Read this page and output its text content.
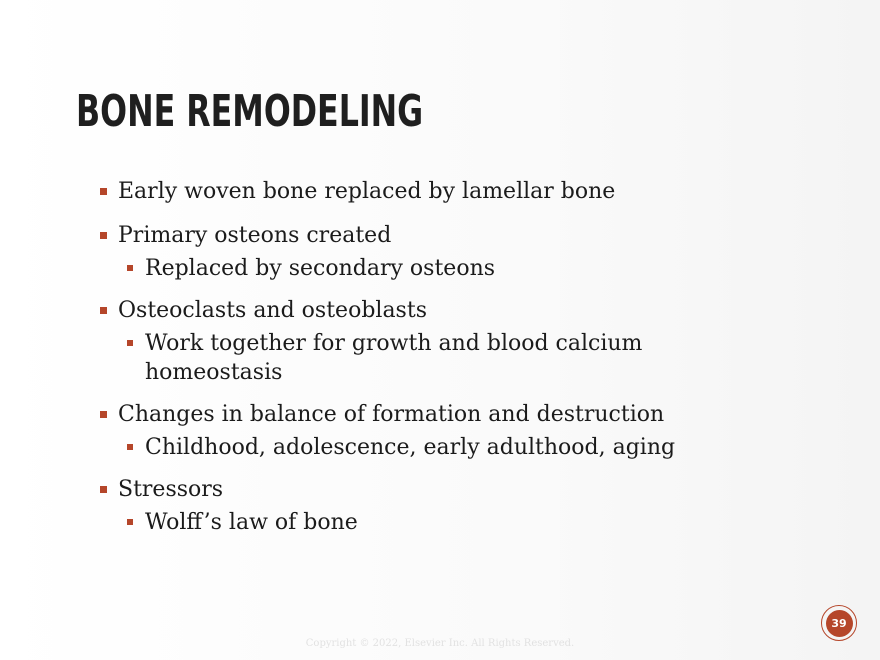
BONE REMODELING
Early woven bone replaced by lamellar bone
Primary osteons created
Replaced by secondary osteons
Osteoclasts and osteoblasts
Work together for growth and blood calcium homeostasis
Changes in balance of formation and destruction
Childhood, adolescence, early adulthood, aging
Stressors
Wolff’s law of bone
Copyright © 2022, Elsevier Inc. All Rights Reserved.
39
